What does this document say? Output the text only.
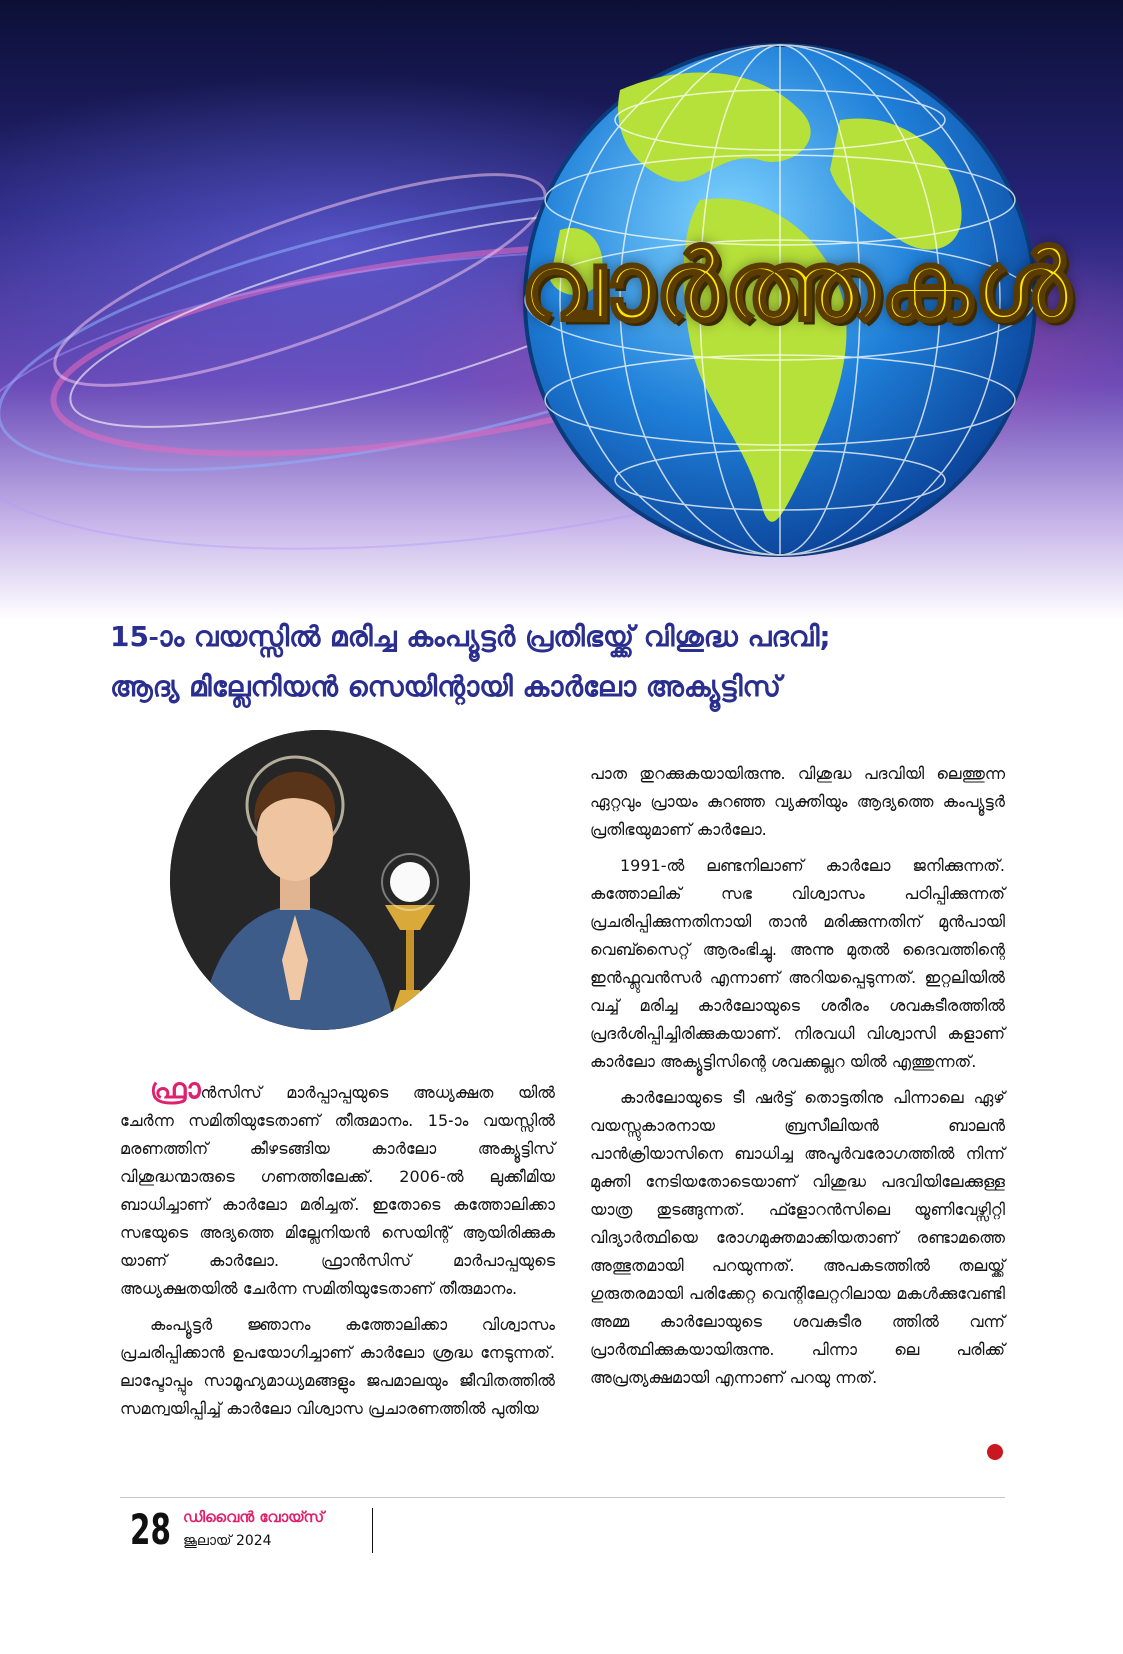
വാർത്തകൾ
15-ാം വയസ്സിൽ മരിച്ച കംപ്യൂട്ടർ പ്രതിഭയ്ക്ക് വിശുദ്ധ പദവി;
ആദ്യ മില്ലേനിയൻ സെയിന്റായി കാർലോ അക്യൂട്ടിസ്

ഫ്രാൻസിസ് മാർപ്പാപ്പയുടെ അധ്യക്ഷത യിൽ ചേർന്ന സമിതിയുടേതാണ് തീരുമാനം. 15-ാം വയസ്സിൽ മരണത്തിന് കീഴടങ്ങിയ കാർലോ അക്യൂട്ടിസ് വിശുദ്ധന്മാരുടെ ഗണത്തിലേക്ക്. 2006-ൽ ലുക്കീമിയ ബാധിച്ചാണ് കാർലോ മരിച്ചത്. ഇതോടെ കത്തോലിക്കാ സഭയുടെ അദ്യത്തെ മില്ലേനിയൻ സെയിന്റ് ആയിരിക്കുക യാണ് കാർലോ. ഫ്രാൻസിസ് മാർപാപ്പയുടെ അധ്യക്ഷതയിൽ ചേർന്ന സമിതിയുടേതാണ് തീരുമാനം.

കംപ്യൂട്ടർ ജ്ഞാനം കത്തോലിക്കാ വിശ്വാസം പ്രചരിപ്പിക്കാൻ ഉപയോഗിച്ചാണ് കാർലോ ശ്രദ്ധ നേടുന്നത്. ലാപ്ടോപ്പും സാമൂഹ്യമാധ്യമങ്ങളും ജപമാലയും ജീവിതത്തിൽ സമന്വയിപ്പിച്ച് കാർലോ വിശ്വാസ പ്രചാരണത്തിൽ പുതിയ

പാത തുറക്കുകയായിരുന്നു. വിശുദ്ധ പദവിയി ലെത്തുന്ന ഏറ്റവും പ്രായം കുറഞ്ഞ വ്യക്തിയും ആദ്യത്തെ കംപ്യൂട്ടർ പ്രതിഭയുമാണ് കാർലോ.

1991-ൽ ലണ്ടനിലാണ് കാർലോ ജനിക്കുന്നത്. കത്തോലിക് സഭ വിശ്വാസം പഠിപ്പിക്കുന്നത് പ്രചരിപ്പിക്കുന്നതിനായി താൻ മരിക്കുന്നതിന് മുൻപായി വെബ്സൈറ്റ് ആരംഭിച്ചു. അന്നു മുതൽ ദൈവത്തിന്റെ ഇൻഫ്ലുവൻസർ എന്നാണ് അറിയപ്പെടുന്നത്. ഇറ്റലിയിൽ വച്ച് മരിച്ച കാർലോയുടെ ശരീരം ശവകുടീരത്തിൽ പ്രദർശിപ്പിച്ചിരിക്കുകയാണ്. നിരവധി വിശ്വാസി കളാണ് കാർലോ അക്യൂട്ടിസിന്റെ ശവക്കല്ലറ യിൽ എത്തുന്നത്.

കാർലോയുടെ ടീ ഷർട്ട് തൊട്ടതിനു പിന്നാലെ ഏഴ് വയസ്സുകാരനായ ബ്രസീലിയൻ ബാലൻ പാൻക്രിയാസിനെ ബാധിച്ച അപൂർവരോഗത്തിൽ നിന്ന് മുക്തി നേടിയതോടെയാണ് വിശുദ്ധ പദവിയിലേക്കുള്ള യാത്ര തുടങ്ങുന്നത്. ഫ്ളോറൻസിലെ യൂണിവേഴ്സിറ്റി വിദ്യാർത്ഥിയെ രോഗമുക്തമാക്കിയതാണ് രണ്ടാമത്തെ അത്ഭുതമായി പറയുന്നത്. അപകടത്തിൽ തലയ്ക്ക് ഗുരുതരമായി പരിക്കേറ്റ വെന്റിലേറ്ററിലായ മകൾക്കുവേണ്ടി അമ്മ കാർലോയുടെ ശവകുടീര ത്തിൽ വന്ന് പ്രാർത്ഥിക്കുകയായിരുന്നു. പിന്നാ ലെ പരിക്ക് അപ്രത്യക്ഷമായി എന്നാണ് പറയു ന്നത്.

28 ഡിവൈൻ വോയ്സ്
ജൂലായ് 2024
